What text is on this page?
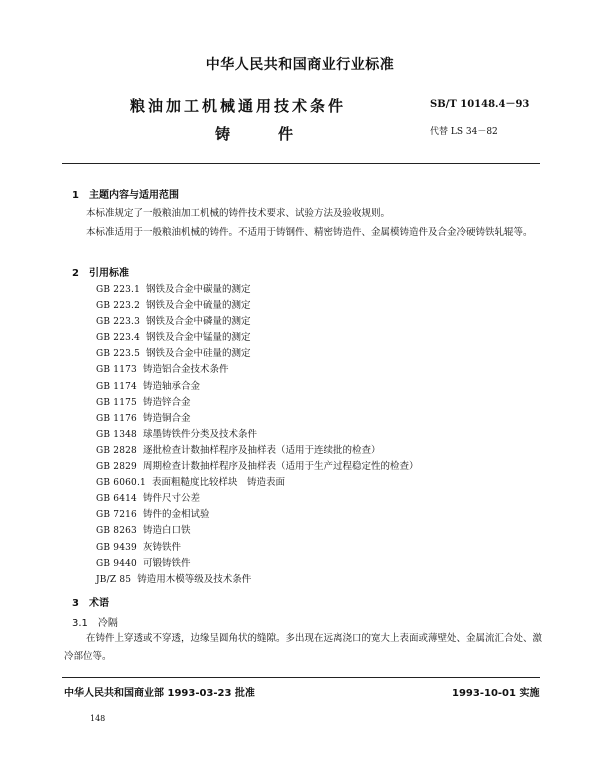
中华人民共和国商业行业标准
粮油加工机械通用技术条件
铸件
SB/T 10148.4－93
代替 LS 34－82
1　主题内容与适用范围
本标准规定了一般粮油加工机械的铸件技术要求、试验方法及验收规则。
本标准适用于一般粮油机械的铸件。不适用于铸钢件、精密铸造件、金属模铸造件及合金冷硬铸铁轧辊等。
2　引用标准
GB 223.1 钢铁及合金中碳量的测定
GB 223.2 钢铁及合金中硫量的测定
GB 223.3 钢铁及合金中磷量的测定
GB 223.4 钢铁及合金中锰量的测定
GB 223.5 钢铁及合金中硅量的测定
GB 1173 铸造铝合金技术条件
GB 1174 铸造轴承合金
GB 1175 铸造锌合金
GB 1176 铸造铜合金
GB 1348 球墨铸铁件分类及技术条件
GB 2828 逐批检查计数抽样程序及抽样表（适用于连续批的检查）
GB 2829 周期检查计数抽样程序及抽样表（适用于生产过程稳定性的检查）
GB 6060.1 表面粗糙度比较样块　铸造表面
GB 6414 铸件尺寸公差
GB 7216 铸件的金相试验
GB 8263 铸造白口铁
GB 9439 灰铸铁件
GB 9440 可锻铸铁件
JB/Z 85 铸造用木模等级及技术条件
3　术语
3.1　冷隔
在铸件上穿透或不穿透，边缘呈圆角状的缝隙。多出现在远离浇口的宽大上表面或薄壁处、金属流汇合处、激冷部位等。
中华人民共和国商业部 1993-03-23 批准	1993-10-01 实施
148
